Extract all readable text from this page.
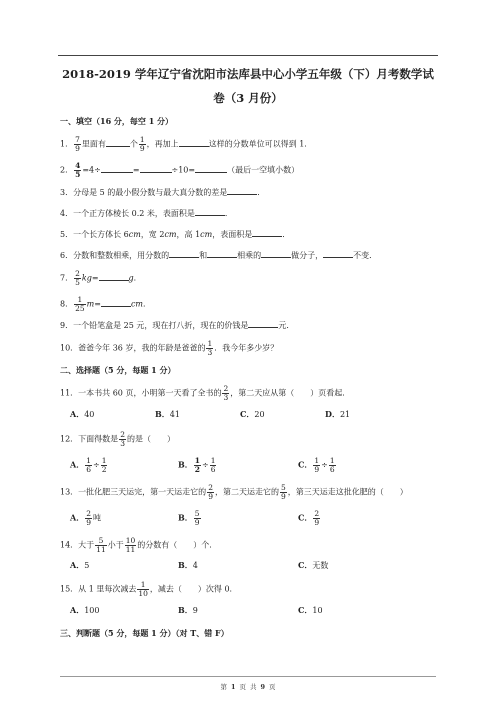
2018-2019 学年辽宁省沈阳市法库县中心小学五年级（下）月考数学试
卷（3 月份）
一、填空（16 分，每空 1 分）
1． $\frac{7}{9}$ 里面有	个 $\frac{1}{9}$ ，再加上	这样的分数单位可以得到 1．
2． $\frac{4}{5} =4\div$	=	÷10=	（最后一空填小数）
3．分母是 5 的最小假分数与最大真分数的差是	．
4．一个正方体棱长 0.2 米，表面积是	．
5．一个长方体长 6cm，宽 2cm，高 1cm，表面积是	．
6．分数和整数相乘，用分数的	和	相乘的	做分子，	不变．
7． $\frac{2}{5} kg=$	g．
8． $\frac{1}{25} m=$	cm．
9．一个铅笔盒是 25 元，现在打八折，现在的价钱是	元．
10．爸爸今年 36 岁，我的年龄是爸爸的 $\frac{1}{3}$ ．我今年多少岁？
二、选择题（5 分，每题 1 分）
11．一本书共 60 页，小明第一天看了全书的 $\frac{2}{3}$ ，第二天应从第（　　）页看起．
A．40	B．41	C．20	D．21
12．下面得数是 $\frac{2}{3}$ 的是（　　）
A． $\frac{1}{6} \div \frac{1}{2}$	B． $\frac{1}{2} \div \frac{1}{6}$	C． $\frac{1}{9} \div \frac{1}{6}$
13．一批化肥三天运完，第一天运走它的 $\frac{2}{9}$ ，第二天运走它的 $\frac{5}{9}$ ，第三天运走这批化肥的（　　）
A． $\frac{2}{9}$ 吨	B． $\frac{5}{9}$	C． $\frac{2}{9}$
14．大于 $\frac{5}{11}$ 小于 $\frac{10}{11}$ 的分数有（　　）个．
A．5	B．4	C．无数
15．从 1 里每次减去 $\frac{1}{10}$ ，减去（　　）次得 0．
A．100	B．9	C．10
三、判断题（5 分，每题 1 分）（对 T、错 F）
第 1 页 共 9 页
